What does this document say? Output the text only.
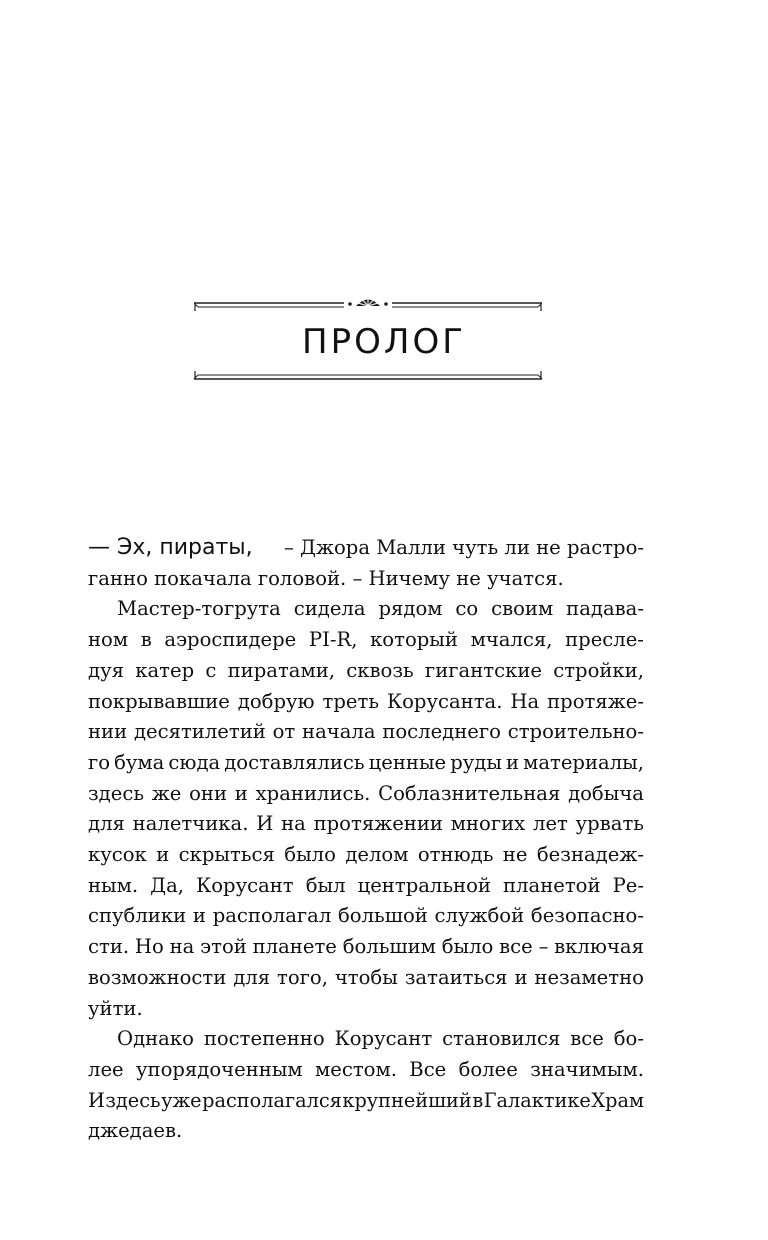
ПРОЛОГ
— Эх, пираты, – Джора Малли чуть ли не растро-
ганно покачала головой. – Ничему не учатся.
Мастер-тогрута сидела рядом со своим падава-
ном в аэроспидере PI-R, который мчался, пресле-
дуя катер с пиратами, сквозь гигантские стройки,
покрывавшие добрую треть Корусанта. На протяже-
нии десятилетий от начала последнего строительно-
го бума сюда доставлялись ценные руды и материалы,
здесь же они и хранились. Соблазнительная добыча
для налетчика. И на протяжении многих лет урвать
кусок и скрыться было делом отнюдь не безнадеж-
ным. Да, Корусант был центральной планетой Ре-
спублики и располагал большой службой безопасно-
сти. Но на этой планете большим было все – включая
возможности для того, чтобы затаиться и незаметно
уйти.
Однако постепенно Корусант становился все бо-
лее упорядоченным местом. Все более значимым.
И здесь уже располагался крупнейший в Галактике Храм
джедаев.
